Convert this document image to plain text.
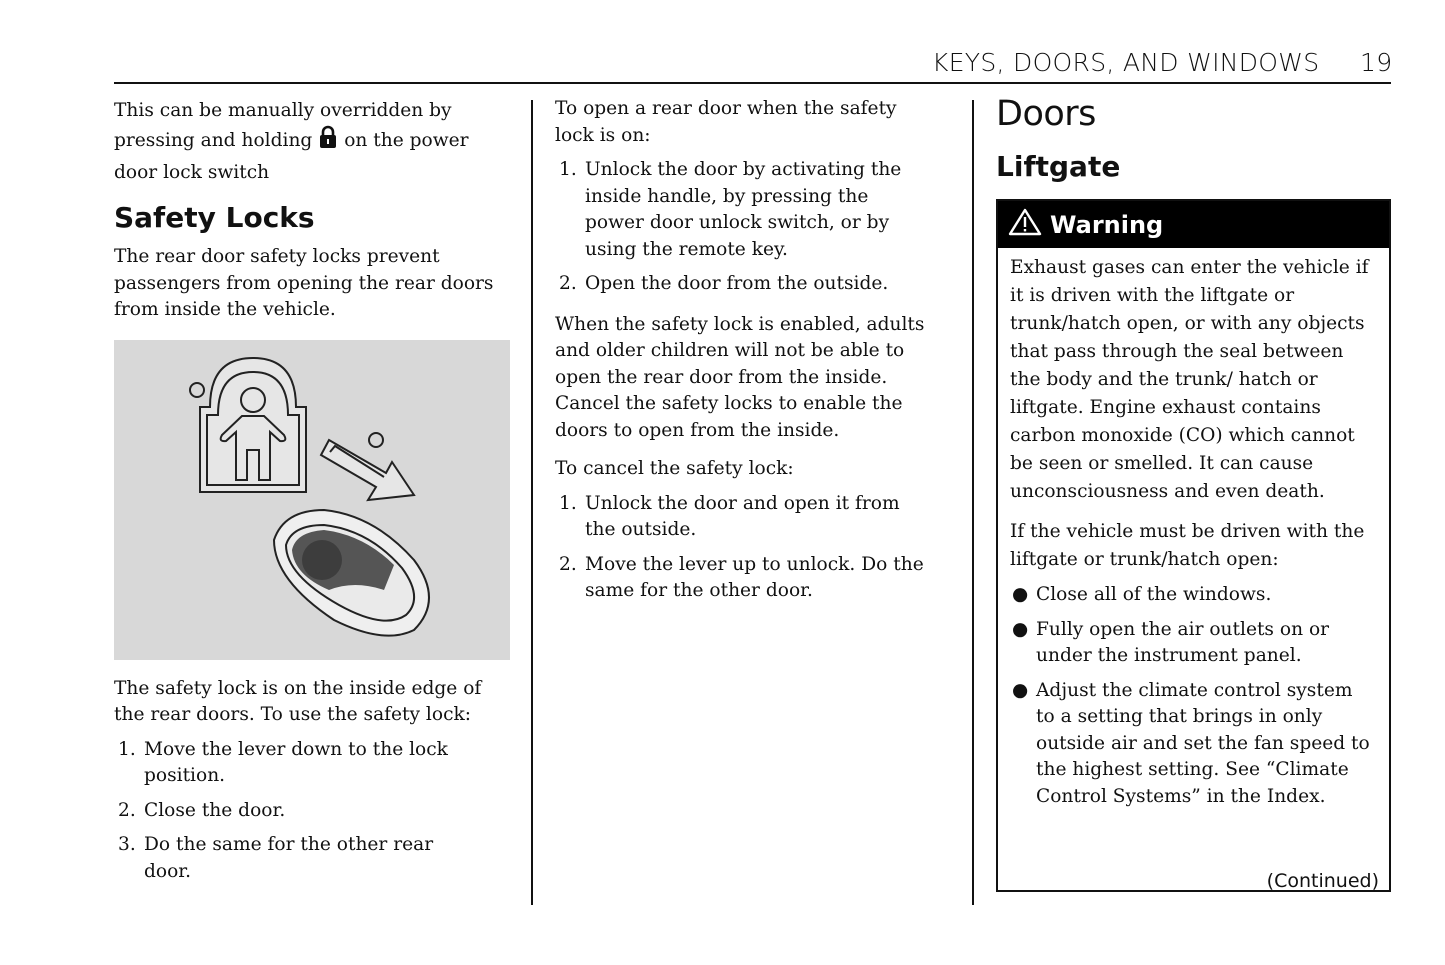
KEYS, DOORS, AND WINDOWS 19

This can be manually overridden by pressing and holding on the power door lock switch

Safety Locks

The rear door safety locks prevent passengers from opening the rear doors from inside the vehicle.

The safety lock is on the inside edge of the rear doors. To use the safety lock:

1. Move the lever down to the lock position.
2. Close the door.
3. Do the same for the other rear door.

To open a rear door when the safety lock is on:

1. Unlock the door by activating the inside handle, by pressing the power door unlock switch, or by using the remote key.
2. Open the door from the outside.

When the safety lock is enabled, adults and older children will not be able to open the rear door from the inside. Cancel the safety locks to enable the doors to open from the inside.

To cancel the safety lock:

1. Unlock the door and open it from the outside.
2. Move the lever up to unlock. Do the same for the other door.
Doors
Liftgate
Warning

Exhaust gases can enter the vehicle if it is driven with the liftgate or trunk/hatch open, or with any objects that pass through the seal between the body and the trunk/ hatch or liftgate. Engine exhaust contains carbon monoxide (CO) which cannot be seen or smelled. It can cause unconsciousness and even death.

If the vehicle must be driven with the liftgate or trunk/hatch open:

● Close all of the windows.
● Fully open the air outlets on or under the instrument panel.
● Adjust the climate control system to a setting that brings in only outside air and set the fan speed to the highest setting. See “Climate Control Systems” in the Index.
(Continued)
